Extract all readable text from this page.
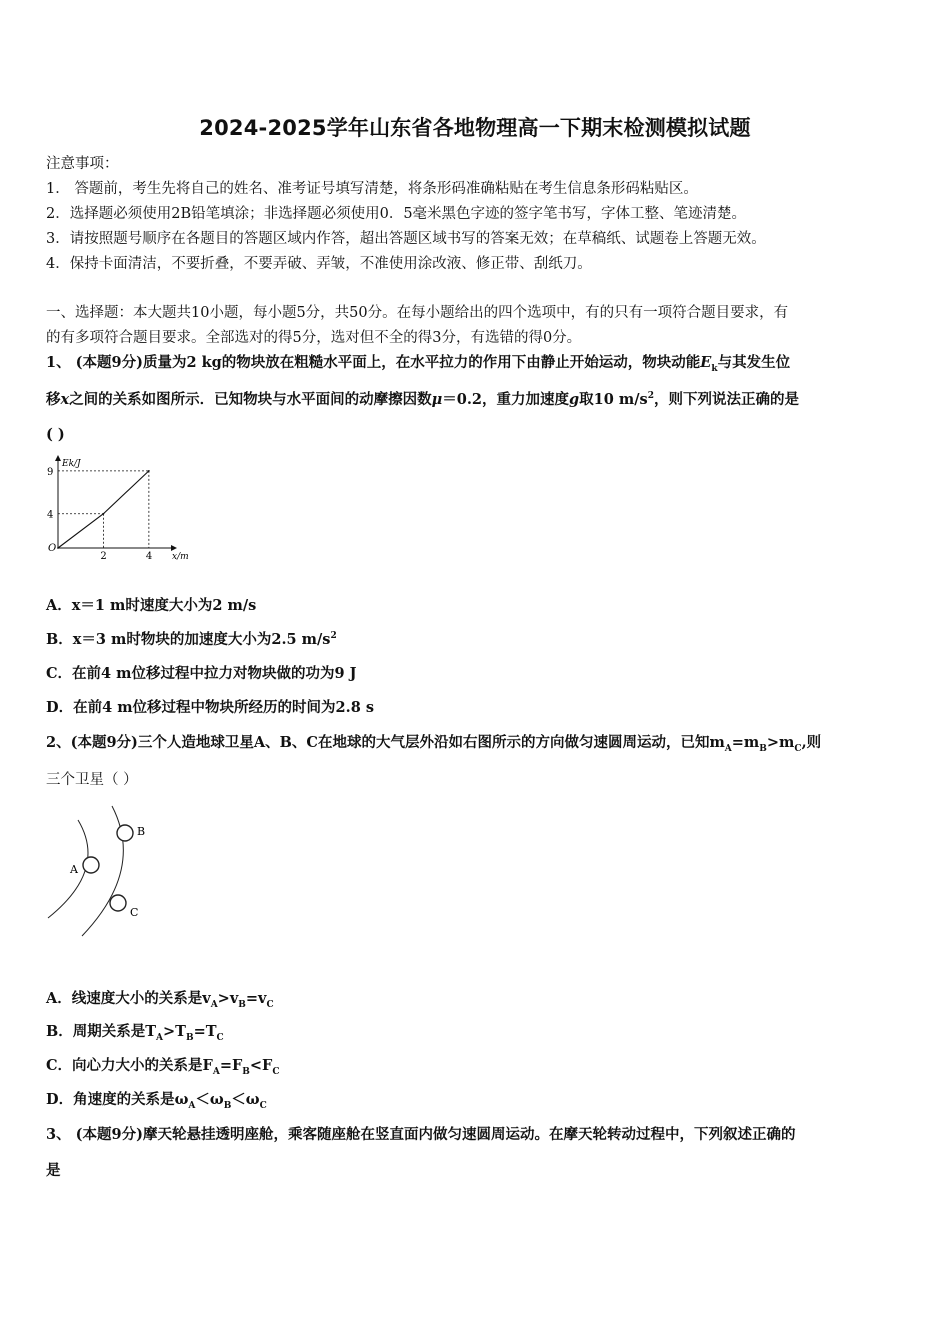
2024-2025学年山东省各地物理高一下期末检测模拟试题
注意事项：
1． 答题前，考生先将自己的姓名、准考证号填写清楚，将条形码准确粘贴在考生信息条形码粘贴区。
2．选择题必须使用2B铅笔填涂；非选择题必须使用0．5毫米黑色字迹的签字笔书写，字体工整、笔迹清楚。
3．请按照题号顺序在各题目的答题区域内作答，超出答题区域书写的答案无效；在草稿纸、试题卷上答题无效。
4．保持卡面清洁，不要折叠，不要弄破、弄皱，不准使用涂改液、修正带、刮纸刀。
一、选择题：本大题共10小题，每小题5分，共50分。在每小题给出的四个选项中，有的只有一项符合题目要求，有
的有多项符合题目要求。全部选对的得5分，选对但不全的得3分，有选错的得0分。
1、 (本题9分)质量为2 kg的物块放在粗糙水平面上，在水平拉力的作用下由静止开始运动，物块动能$E_k$与其发生位
移x之间的关系如图所示．已知物块与水平面间的动摩擦因数μ＝0.2，重力加速度g取10 $m/s^2$，则下列说法正确的是
( )
2	4
4
9
O
x/m
Ek/J
A．x＝1 m时速度大小为2 m/s
B．x＝3 m时物块的加速度大小为2.5 $m/s^2$
C．在前4 m位移过程中拉力对物块做的功为9 J
D．在前4 m位移过程中物块所经历的时间为2.8 s
2、(本题9分)三个人造地球卫星A、B、C在地球的大气层外沿如右图所示的方向做匀速圆周运动，已知$m_A=m_B>m_C$,则
三个卫星（ ）
A
B
C
A．线速度大小的关系是$v_A>v_B=v_C$
B．周期关系是$T_A>T_B=T_C$
C．向心力大小的关系是$F_A=F_B<F_C$
D．角速度的关系是$\omega_A<\omega_B<\omega_C$
3、 (本题9分)摩天轮悬挂透明座舱，乘客随座舱在竖直面内做匀速圆周运动。在摩天轮转动过程中，下列叙述正确的
是
